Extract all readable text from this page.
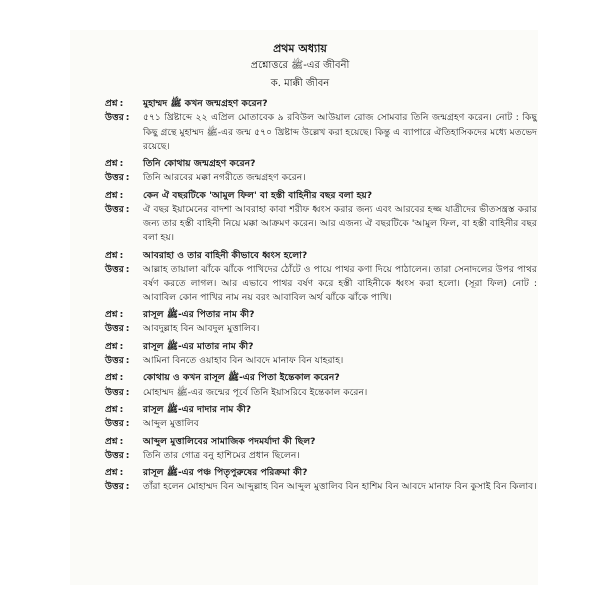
প্রথম অধ্যায়
প্রশ্নোত্তরে ﷺ-এর জীবনী
ক. মাক্কী জীবন
প্রশ্ন :	মুহাম্মদ ﷺ কখন জন্মগ্রহণ করেন?
উত্তর :	৫৭১ খ্রিষ্টাব্দে ২২ এপ্রিল মোতাবেক ৯ রবিউল আউয়াল রোজ সোমবার তিনি জন্মগ্রহণ করেন। নোট : কিছু কিছু গ্রন্থে মুহাম্মদ ﷺ-এর জন্ম ৫৭০ খ্রিষ্টাব্দ উল্লেখ করা হয়েছে। কিন্তু এ ব্যাপারে ঐতিহাসিকদের মধ্যে মতভেদ রয়েছে।
প্রশ্ন :	তিনি কোথায় জন্মগ্রহণ করেন?
উত্তর :	তিনি আরবের মক্কা নগরীতে জন্মগ্রহণ করেন।
প্রশ্ন :	কেন ঐ বছরটিকে 'আমুল ফিল' বা হস্তী বাহিনীর বছর বলা হয়?
উত্তর :	ঐ বছর ইয়ামেনের বাদশা আবরাহা কাবা শরীফ ধ্বংস করার জন্য এবং আরবের হজ্জ যাত্রীদের ভীতসন্ত্রস্ত করার জন্য তার হস্তী বাহিনী নিয়ে মক্কা আক্রমণ করেন। আর এজন্য ঐ বছরটিকে 'আমুল ফিল, বা হস্তী বাহিনীর বছর বলা হয়।
প্রশ্ন :	আবরাহা ও তার বাহিনী কীভাবে ধ্বংস হলো?
উত্তর :	আল্লাহ তায়ালা ঝাঁকে ঝাঁকে পাখিদের ঠোঁটে ও পায়ে পাথর কণা দিয়ে পাঠালেন। তারা সেনাদলের উপর পাথর বর্ষণ করতে লাগল। আর এভাবে পাথর বর্ষণ করে হস্তী বাহিনীকে ধ্বংস করা হলো। (সূরা ফিল) নোট : আবাবিল কোন পাখির নাম নয় বরং আবাবিল অর্থ ঝাঁকে ঝাঁকে পাখি।
প্রশ্ন :	রাসূল ﷺ-এর পিতার নাম কী?
উত্তর :	আবদুল্লাহ বিন আবদুল মুত্তালিব।
প্রশ্ন :	রাসূল ﷺ-এর মাতার নাম কী?
উত্তর :	আমিনা বিনতে ওয়াহাব বিন আবদে মানাফ বিন যাহরাহ।
প্রশ্ন :	কোথায় ও কখন রাসূল ﷺ-এর পিতা ইন্তেকাল করেন?
উত্তর :	মোহাম্মদ ﷺ-এর জন্মের পূর্বে তিনি ইয়াসরিবে ইন্তেকাল করেন।
প্রশ্ন :	রাসূল ﷺ-এর দাদার নাম কী?
উত্তর :	আব্দুল মুত্তালিব
প্রশ্ন :	আব্দুল মুত্তালিবের সামাজিক পদমর্যাদা কী ছিল?
উত্তর :	তিনি তার গোত্র বনু হাশিমের প্রধান ছিলেন।
প্রশ্ন :	রাসূল ﷺ-এর পঞ্চ পিতৃপুরুষের পরিক্রমা কী?
উত্তর :	তাঁরা হলেন মোহাম্মদ বিন আব্দুল্লাহ বিন আব্দুল মুত্তালিব বিন হাশিম বিন আবদে মানাফ বিন কুসাই বিন কিলাব।
